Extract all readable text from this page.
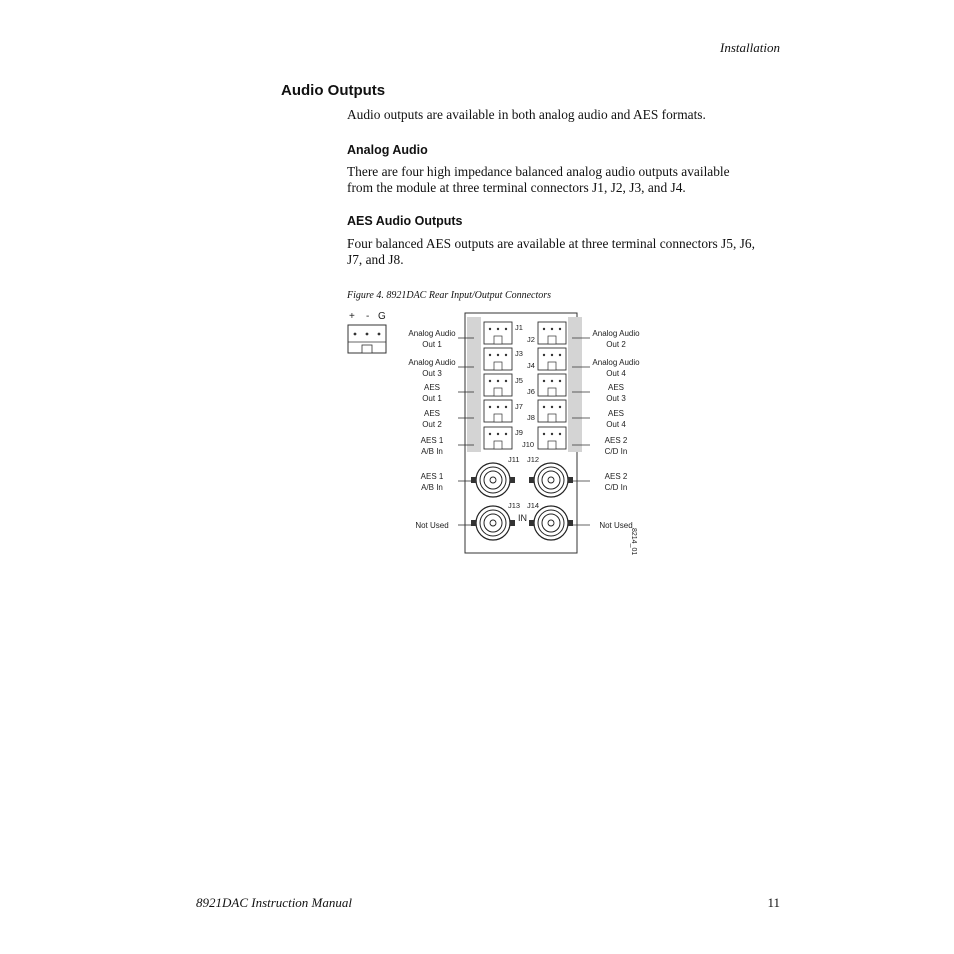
Installation
Audio Outputs
Audio outputs are available in both analog audio and AES formats.
Analog Audio
There are four high impedance balanced analog audio outputs available
from the module at three terminal connectors J1, J2, J3, and J4.
AES Audio Outputs
Four balanced AES outputs are available at three terminal connectors J5, J6,
J7, and J8.
Figure 4. 8921DAC Rear Input/Output Connectors
+ - G
J1
J2
J3
J4
J5
J6
J7
J8
J9
J10
J11 J12
J13 J14
IN
Analog Audio
Out 1
Analog Audio
Out 3
AES
Out 1
AES
Out 2
AES 1
A/B In
AES 1
A/B In
Not Used
Analog Audio
Out 2
Analog Audio
Out 4
AES
Out 3
AES
Out 4
AES 2
C/D In
AES 2
C/D In
Not Used
8214_01
8921DAC Instruction Manual	11
